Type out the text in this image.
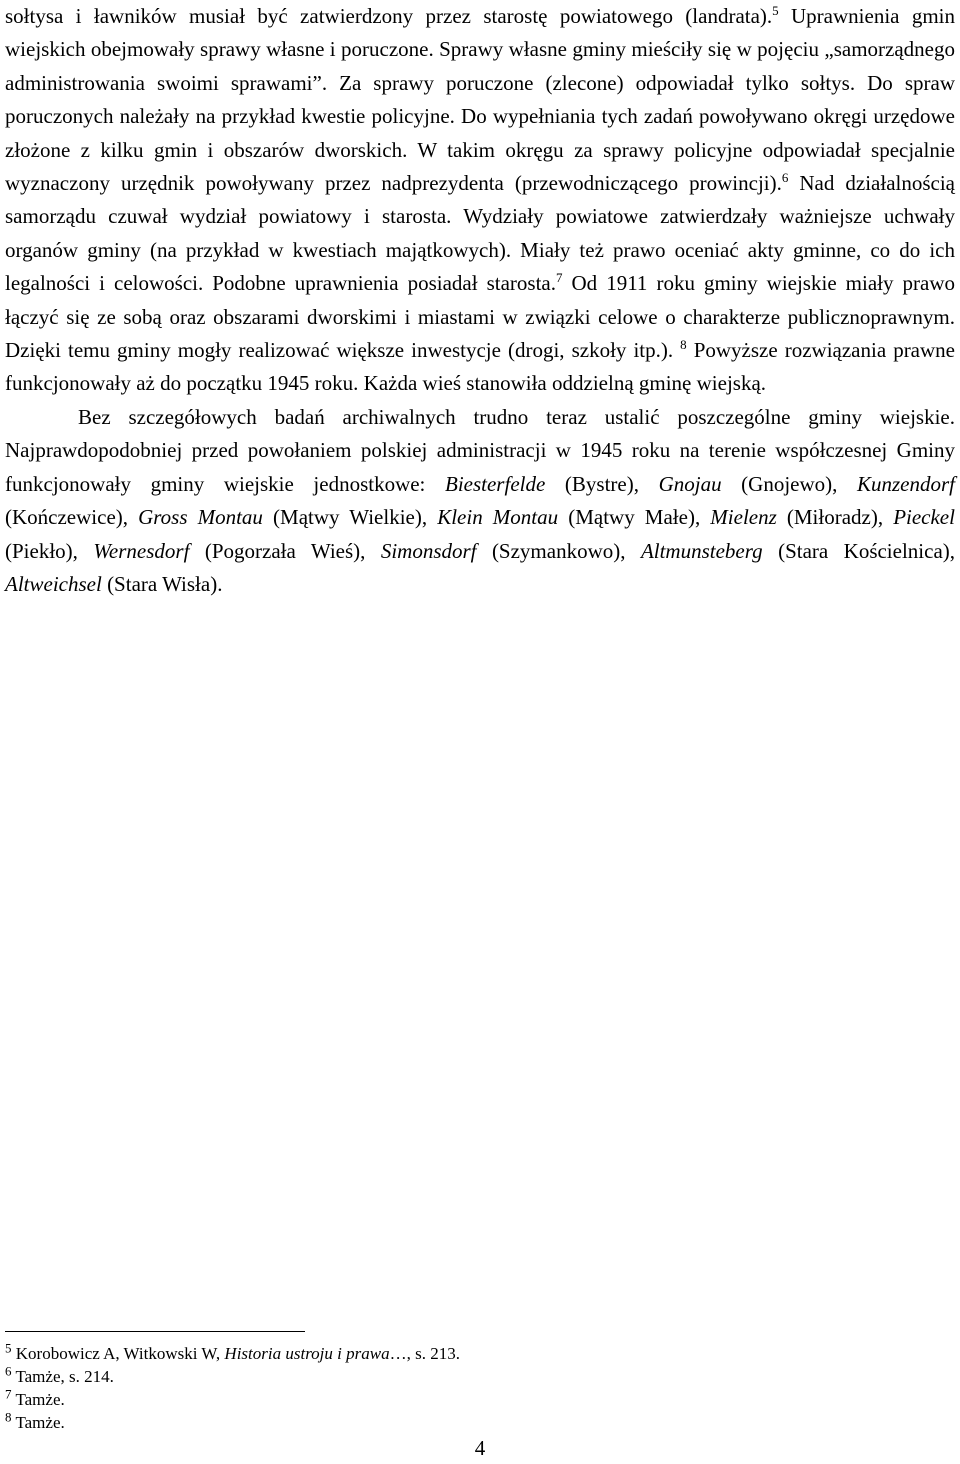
sołtysa i ławników musiał być zatwierdzony przez starostę powiatowego (landrata).$^5$ Uprawnienia gmin wiejskich obejmowały sprawy własne i poruczone. Sprawy własne gminy mieściły się w pojęciu „samorządnego administrowania swoimi sprawami”. Za sprawy poruczone (zlecone) odpowiadał tylko sołtys. Do spraw poruczonych należały na przykład kwestie policyjne. Do wypełniania tych zadań powoływano okręgi urzędowe złożone z kilku gmin i obszarów dworskich. W takim okręgu za sprawy policyjne odpowiadał specjalnie wyznaczony urzędnik powoływany przez nadprezydenta (przewodniczącego prowincji).$^6$ Nad działalnością samorządu czuwał wydział powiatowy i starosta. Wydziały powiatowe zatwierdzały ważniejsze uchwały organów gminy (na przykład w kwestiach majątkowych). Miały też prawo oceniać akty gminne, co do ich legalności i celowości. Podobne uprawnienia posiadał starosta.$^7$ Od 1911 roku gminy wiejskie miały prawo łączyć się ze sobą oraz obszarami dworskimi i miastami w związki celowe o charakterze publicznoprawnym. Dzięki temu gminy mogły realizować większe inwestycje (drogi, szkoły itp.). $^8$ Powyższe rozwiązania prawne funkcjonowały aż do początku 1945 roku. Każda wieś stanowiła oddzielną gminę wiejską.

Bez szczegółowych badań archiwalnych trudno teraz ustalić poszczególne gminy wiejskie. Najprawdopodobniej przed powołaniem polskiej administracji w 1945 roku na terenie współczesnej Gminy funkcjonowały gminy wiejskie jednostkowe: Biesterfelde (Bystre), Gnojau (Gnojewo), Kunzendorf (Kończewice), Gross Montau (Mątwy Wielkie), Klein Montau (Mątwy Małe), Mielenz (Miłoradz), Pieckel (Piekło), Wernesdorf (Pogorzała Wieś), Simonsdorf (Szymankowo), Altmunsteberg (Stara Kościelnica), Altweichsel (Stara Wisła).

$^5$ Korobowicz A, Witkowski W, Historia ustroju i prawa…, s. 213.

$^6$ Tamże, s. 214.

$^7$ Tamże.

$^8$ Tamże.

4
